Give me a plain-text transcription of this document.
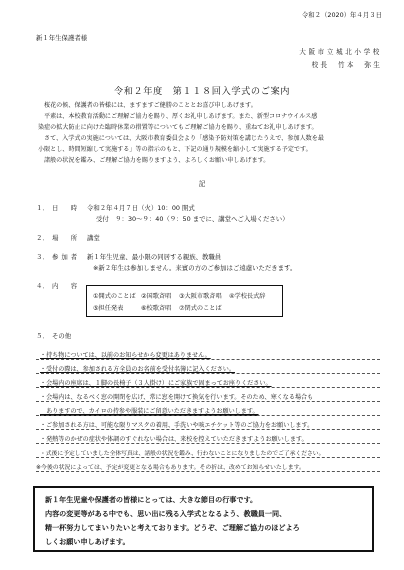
令和２（2020）年４月３日
新１年生保護者様
大阪市立城北小学校
校長　竹本　弥生
令和２年度　第１１８回入学式のご案内
桜花の候、保護者の皆様には、ますますご健勝のこととお喜び申しあげます。
平素は、本校教育活動にご理解ご協力を賜り、厚くお礼申しあげます。また、新型コロナウイルス感
染症の拡大防止に向けた臨時休業の措置等についてもご理解ご協力を賜り、重ねてお礼申しあげます。
さて、入学式の実施については、大阪市教育委員会より「感染予防対策を講じたうえで、参加人数を最
小限とし、時間短縮して実施する」等の指示のもと、下記の通り規模を縮小して実施する予定です。
諸般の状況を鑑み、ご理解ご協力を賜りますよう、よろしくお願い申しあげます。
記
１． 日　時 令和２年４月７日（火）10：00 開式
受付　９：30～９：40（９：50 までに、講堂へご入場ください）
２． 場　所 講堂
３． 参加者 新１年生児童、最小限の同居する親族、教職員
※新２年生は参加しません。来賓の方のご参加はご遠慮いただきます。
４． 内　容
①開式のことば ②国歌斉唱 ③大阪市歌斉唱 ④学校長式辞
⑤担任発表	⑥校歌斉唱 ⑦閉式のことば
５． その他
・持ち物については、以前のお知らせから変更はありません。
・受付の際は、参加される方全員のお名前を受付名簿に記入ください。
・会場内の座席は、１脚の長椅子（３人掛け）にご家族で固まってお座りください。
・会場内は、なるべく窓の開閉を広げ、常に窓を開けて換気を行います。そのため、寒くなる場合も
　ありますので、カイロの持参や服装にご留意いただきますようお願いします。
・ご参加される方は、可能な限りマスクの着用、手洗いや咳エチケット等のご協力をお願いします。
・発熱等のかぜの症状や体調のすぐれない場合は、来校を控えていただきますようお願いします。
・式後に予定していました全体写真は、諸般の状況を鑑み、行わないことになりましたのでご了承ください。
※今後の状況によっては、予定が変更となる場合もあります。その折は、改めてお知らせいたします。
新１年生児童や保護者の皆様にとっては、大きな節目の行事です。
内容の変更等がある中でも、思い出に残る入学式となるよう、教職員一同、
精一杯努力してまいりたいと考えております。どうぞ、ご理解ご協力のほどよろ
しくお願い申しあげます。
